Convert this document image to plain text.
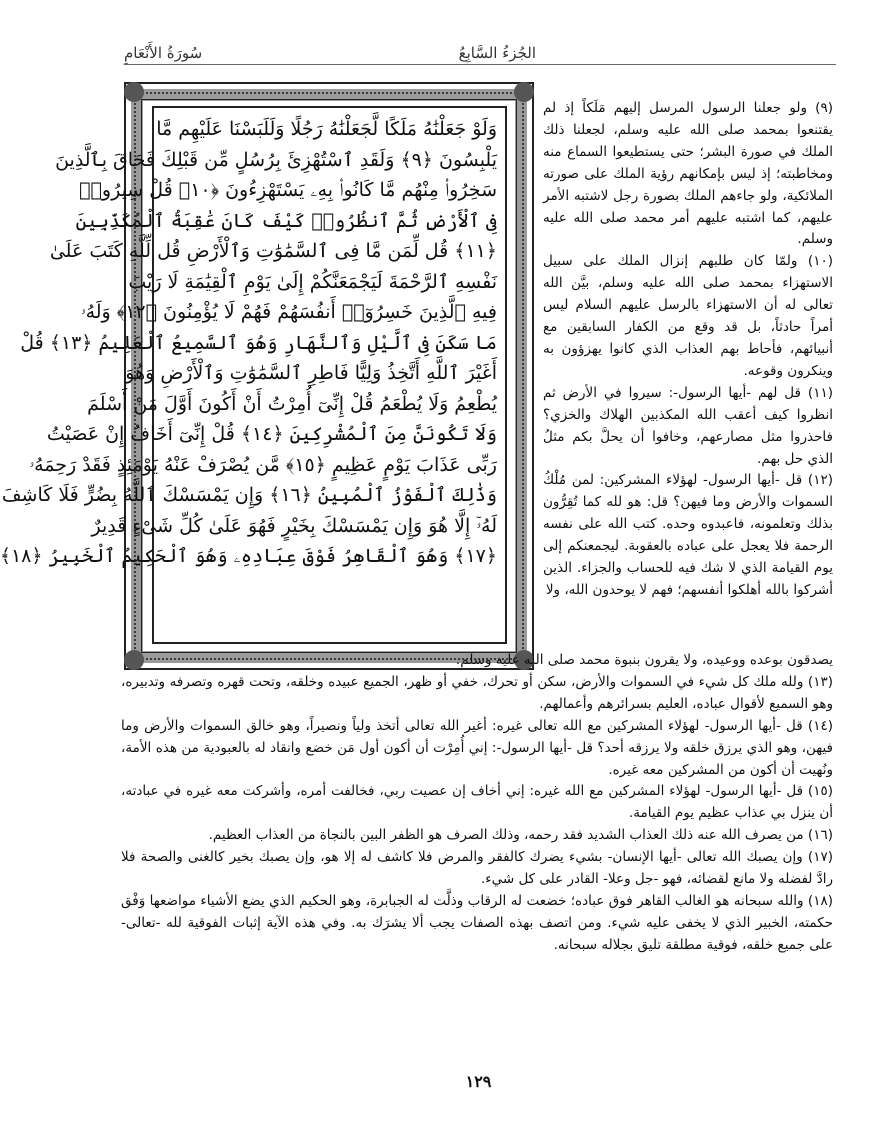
الجُزءُ السَّابِعُ
سُورَةُ الأَنْعَامِ
وَلَوْ جَعَلْنَٰهُ مَلَكًا لَّجَعَلْنَٰهُ رَجُلًا وَلَلَبَسْنَا عَلَيْهِم مَّا
يَلْبِسُونَ ﴿٩﴾ وَلَقَدِ ٱسْتُهْزِئَ بِرُسُلٍ مِّن قَبْلِكَ فَحَاقَ بِٱلَّذِينَ
سَخِرُوا۟ مِنْهُم مَّا كَانُوا۟ بِهِۦ يَسْتَهْزِءُونَ ﴿١٠﴾ قُلْ سِيرُوا۟
فِى ٱلْأَرْضِ ثُمَّ ٱنظُرُوا۟ كَيْفَ كَانَ عَٰقِبَةُ ٱلْمُكَذِّبِينَ
﴿١١﴾ قُل لِّمَن مَّا فِى ٱلسَّمَٰوَٰتِ وَٱلْأَرْضِ قُل لِّلَّهِ كَتَبَ عَلَىٰ
نَفْسِهِ ٱلرَّحْمَةَ لَيَجْمَعَنَّكُمْ إِلَىٰ يَوْمِ ٱلْقِيَٰمَةِ لَا رَيْبَ
فِيهِ ٱلَّذِينَ خَسِرُوٓا۟ أَنفُسَهُمْ فَهُمْ لَا يُؤْمِنُونَ ﴿١٢﴾ وَلَهُۥ
مَا سَكَنَ فِى ٱلَّيْلِ وَٱلنَّهَارِ وَهُوَ ٱلسَّمِيعُ ٱلْعَلِيمُ ﴿١٣﴾ قُلْ
أَغَيْرَ ٱللَّهِ أَتَّخِذُ وَلِيًّا فَاطِرِ ٱلسَّمَٰوَٰتِ وَٱلْأَرْضِ وَهُوَ
يُطْعِمُ وَلَا يُطْعَمُ قُلْ إِنِّىٓ أُمِرْتُ أَنْ أَكُونَ أَوَّلَ مَنْ أَسْلَمَ
وَلَا تَكُونَنَّ مِنَ ٱلْمُشْرِكِينَ ﴿١٤﴾ قُلْ إِنِّىٓ أَخَافُ إِنْ عَصَيْتُ
رَبِّى عَذَابَ يَوْمٍ عَظِيمٍ ﴿١٥﴾ مَّن يُصْرَفْ عَنْهُ يَوْمَئِذٍ فَقَدْ رَحِمَهُۥ
وَذَٰلِكَ ٱلْفَوْزُ ٱلْمُبِينُ ﴿١٦﴾ وَإِن يَمْسَسْكَ ٱللَّهُ بِضُرٍّ فَلَا كَاشِفَ
لَهُۥٓ إِلَّا هُوَ وَإِن يَمْسَسْكَ بِخَيْرٍ فَهُوَ عَلَىٰ كُلِّ شَىْءٍ قَدِيرٌ
﴿١٧﴾ وَهُوَ ٱلْقَاهِرُ فَوْقَ عِبَادِهِۦ وَهُوَ ٱلْحَكِيمُ ٱلْخَبِيرُ ﴿١٨﴾

(٩) ولو جعلنا الرسول المرسل إليهم مَلَكاً إذ لم يقتنعوا بمحمد صلى الله عليه وسلم، لجعلنا ذلك الملك في صورة البشر؛ حتى يستطيعوا السماع منه ومخاطبته؛ إذ ليس بإمكانهم رؤية الملك على صورته الملائكية، ولو جاءهم الملك بصورة رجل لاشتبه الأمر عليهم، كما اشتبه عليهم أمر محمد صلى الله عليه وسلم.

(١٠) ولمّا كان طلبهم إنزال الملك على سبيل الاستهزاء بمحمد صلى الله عليه وسلم، بيَّن الله تعالى له أن الاستهزاء بالرسل عليهم السلام ليس أمراً حادثاً، بل قد وقع من الكفار السابقين مع أنبيائهم، فأحاط بهم العذاب الذي كانوا يهزؤون به وينكرون وقوعه.

(١١) قل لهم -أيها الرسول-: سيروا في الأرض ثم انظروا كيف أعقب الله المكذبين الهلاك والخزي؟ فاحذروا مثل مصارعهم، وخافوا أن يحلَّ بكم مثلُ الذي حل بهم.

(١٢) قل -أيها الرسول- لهؤلاء المشركين: لمن مُلْكُ السموات والأرض وما فيهن؟ قل: هو لله كما تُقِرُّون بذلك وتعلمونه، فاعبدوه وحده. كتب الله على نفسه الرحمة فلا يعجل على عباده بالعقوبة. ليجمعنكم إلى يوم القيامة الذي لا شك فيه للحساب والجزاء. الذين أشركوا بالله أهلكوا أنفسهم؛ فهم لا يوحدون الله، ولا

يصدقون بوعده ووعيده، ولا يقرون بنبوة محمد صلى الله عليه وسلم.

(١٣) ولله ملك كل شيء في السموات والأرض، سكن أو تحرك، خفي أو ظهر، الجميع عبيده وخلقه، وتحت قهره وتصرفه وتدبيره، وهو السميع لأقوال عباده، العليم بسرائرهم وأعمالهم.

(١٤) قل -أيها الرسول- لهؤلاء المشركين مع الله تعالى غيره: أغير الله تعالى أتخذ ولياً ونصيراً، وهو خالق السموات والأرض وما فيهن، وهو الذي يرزق خلقه ولا يرزقه أحد؟ قل -أيها الرسول-: إني أُمِرْت أن أكون أول مَن خضع وانقاد له بالعبودية من هذه الأمة، ونُهيت أن أكون من المشركين معه غيره.

(١٥) قل -أيها الرسول- لهؤلاء المشركين مع الله غيره: إني أخاف إن عصيت ربي، فخالفت أمره، وأشركت معه غيره في عبادته، أن ينزل بي عذاب عظيم يوم القيامة.

(١٦) من يصرف الله عنه ذلك العذاب الشديد فقد رحمه، وذلك الصرف هو الظفر البين بالنجاة من العذاب العظيم.

(١٧) وإن يصبك الله تعالى -أيها الإنسان- بشيء يضرك كالفقر والمرض فلا كاشف له إلا هو، وإن يصبك بخير كالغنى والصحة فلا رادَّ لفضله ولا مانع لقضائه، فهو -جل وعلا- القادر على كل شيء.

(١٨) والله سبحانه هو الغالب القاهر فوق عباده؛ خضعت له الرقاب وذلَّت له الجبابرة، وهو الحكيم الذي يضع الأشياء مواضعها وَفْق حكمته، الخبير الذي لا يخفى عليه شيء. ومن اتصف بهذه الصفات يجب ألا يشرَك به. وفي هذه الآية إثبات الفوقية لله -تعالى- على جميع خلقه، فوقية مطلقة تليق بجلاله سبحانه.

١٢٩
